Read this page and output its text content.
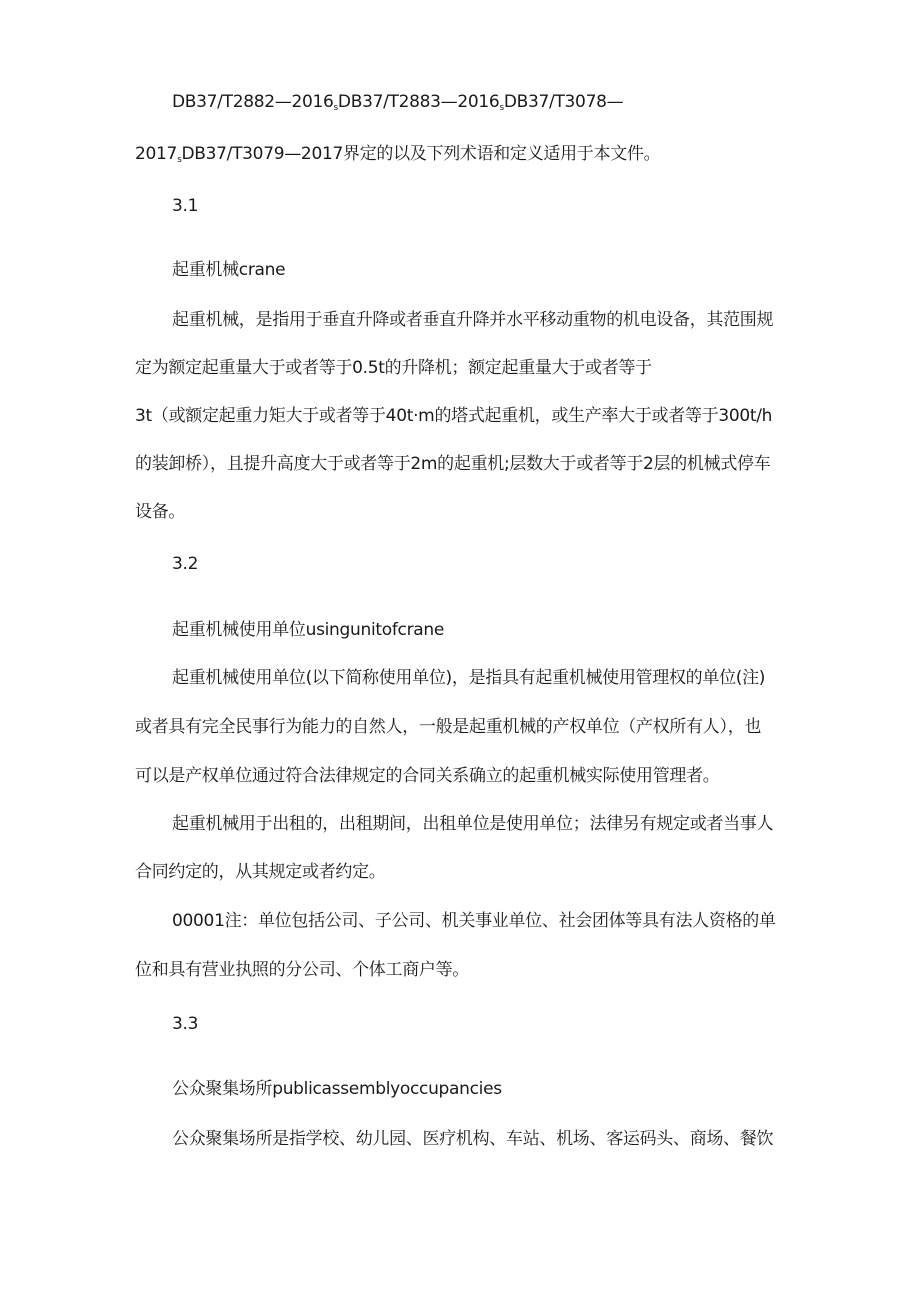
$DB37/T2882—2016_sDB37/T2883—2016_sDB37/T3078—$
$2017_sDB37/T3079—2017$界定的以及下列术语和定义适用于本文件。
3.1
起重机械crane
起重机械，是指用于垂直升降或者垂直升降并水平移动重物的机电设备，其范围规
定为额定起重量大于或者等于0.5t的升降机；额定起重量大于或者等于
3t（或额定起重力矩大于或者等于40t·m的塔式起重机，或生产率大于或者等于300t/h
的装卸桥），且提升高度大于或者等于2m的起重机;层数大于或者等于2层的机械式停车
设备。
3.2
起重机械使用单位usingunitofcrane
起重机械使用单位(以下简称使用单位)，是指具有起重机械使用管理权的单位(注)
或者具有完全民事行为能力的自然人，一般是起重机械的产权单位（产权所有人），也
可以是产权单位通过符合法律规定的合同关系确立的起重机械实际使用管理者。
起重机械用于出租的，出租期间，出租单位是使用单位；法律另有规定或者当事人
合同约定的，从其规定或者约定。
00001注：单位包括公司、子公司、机关事业单位、社会团体等具有法人资格的单
位和具有营业执照的分公司、个体工商户等。
3.3
公众聚集场所publicassemblyoccupancies
公众聚集场所是指学校、幼儿园、医疗机构、车站、机场、客运码头、商场、餐饮
